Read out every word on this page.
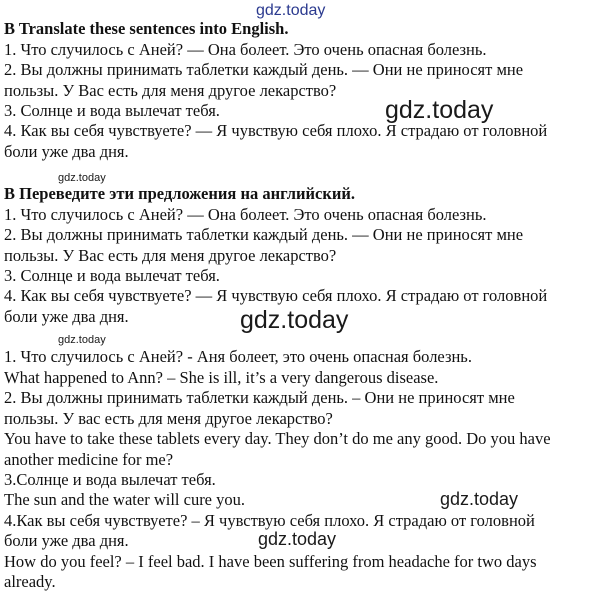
gdz.today
B Translate these sentences into English.
1. Что случилось с Аней? — Она болеет. Это очень опасная болезнь.
2. Вы должны принимать таблетки каждый день. — Они не приносят мне
пользы. У Вас есть для меня другое лекарство?
3. Солнце и вода вылечат тебя.
4. Как вы себя чувствуете? — Я чувствую себя плохо. Я страдаю от головной
боли уже два дня.
gdz.today
gdz.today
B Переведите эти предложения на английский.
1. Что случилось с Аней? — Она болеет. Это очень опасная болезнь.
2. Вы должны принимать таблетки каждый день. — Они не приносят мне
пользы. У Вас есть для меня другое лекарство?
3. Солнце и вода вылечат тебя.
4. Как вы себя чувствуете? — Я чувствую себя плохо. Я страдаю от головной
боли уже два дня.	gdz.today
gdz.today
1. Что случилось с Аней? - Аня болеет, это очень опасная болезнь.
What happened to Ann? – She is ill, it’s a very dangerous disease.
2. Вы должны принимать таблетки каждый день. – Они не приносят мне
пользы. У вас есть для меня другое лекарство?
You have to take these tablets every day. They don’t do me any good. Do you have
another medicine for me?
3.Солнце и вода вылечат тебя.
The sun and the water will cure you.
4.Как вы себя чувствуете? – Я чувствую себя плохо. Я страдаю от головной
боли уже два дня.
How do you feel? – I feel bad. I have been suffering from headache for two days
already.
gdz.today
gdz.today
